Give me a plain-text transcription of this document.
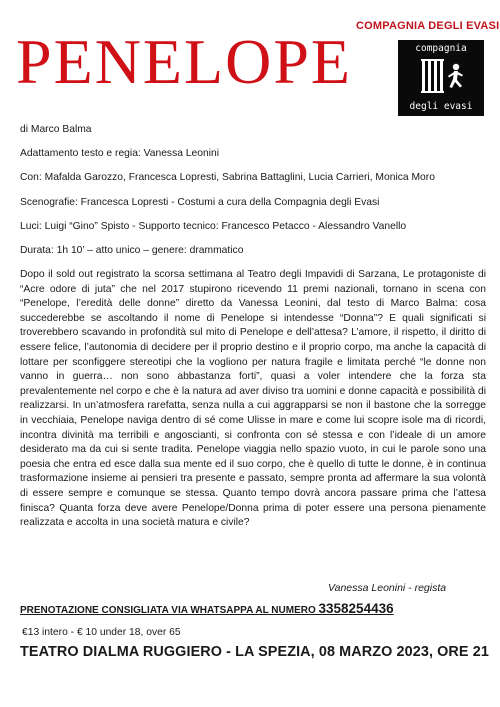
COMPAGNIA DEGLI EVASI
compagnia
degli evasi
PENELOPE

di Marco Balma

Adattamento testo e regia: Vanessa Leonini

Con: Mafalda Garozzo, Francesca Lopresti, Sabrina Battaglini, Lucia Carrieri, Monica Moro

Scenografie: Francesca Lopresti - Costumi a cura della Compagnia degli Evasi

Luci: Luigi “Gino” Spisto - Supporto tecnico: Francesco Petacco - Alessandro Vanello

Durata: 1h 10’ – atto unico – genere: drammatico

Dopo il sold out registrato la scorsa settimana al Teatro degli Impavidi di Sarzana, Le protagoniste di “Acre odore di juta” che nel 2017 stupirono ricevendo 11 premi nazionali, tornano in scena con “Penelope, l’eredità delle donne” diretto da Vanessa Leonini, dal testo di Marco Balma: cosa succederebbe se ascoltando il nome di Penelope si intendesse “Donna”? E quali significati si troverebbero scavando in profondità sul mito di Penelope e dell’attesa? L’amore, il rispetto, il diritto di essere felice, l’autonomia di decidere per il proprio destino e il proprio corpo, ma anche la capacità di lottare per sconfiggere stereotipi che la vogliono per natura fragile e limitata perché “le donne non vanno in guerra… non sono abbastanza forti”, quasi a voler intendere che la forza sta prevalentemente nel corpo e che è la natura ad aver diviso tra uomini e donne capacità e possibilità di realizzarsi. In un’atmosfera rarefatta, senza nulla a cui aggrapparsi se non il bastone che la sorregge in vecchiaia, Penelope naviga dentro di sé come Ulisse in mare e come lui scopre isole ma di ricordi, incontra divinità ma terribili e angoscianti, si confronta con sé stessa e con l’ideale di un amore desiderato ma da cui si sente tradita. Penelope viaggia nello spazio vuoto, in cui le parole sono una poesia che entra ed esce dalla sua mente ed il suo corpo, che è quello di tutte le donne, è in continua trasformazione insieme ai pensieri tra presente e passato, sempre pronta ad affermare la sua volontà di essere sempre e comunque se stessa. Quanto tempo dovrà ancora passare prima che l’attesa finisca? Quanta forza deve avere Penelope/Donna prima di poter essere una persona pienamente realizzata e accolta in una società matura e civile?

Vanessa Leonini - regista
PRENOTAZIONE CONSIGLIATA VIA WHATSAPPA AL NUMERO 3358254436
€13 intero - € 10 under 18, over 65
TEATRO DIALMA RUGGIERO - LA SPEZIA, 08 MARZO 2023, ORE 21
